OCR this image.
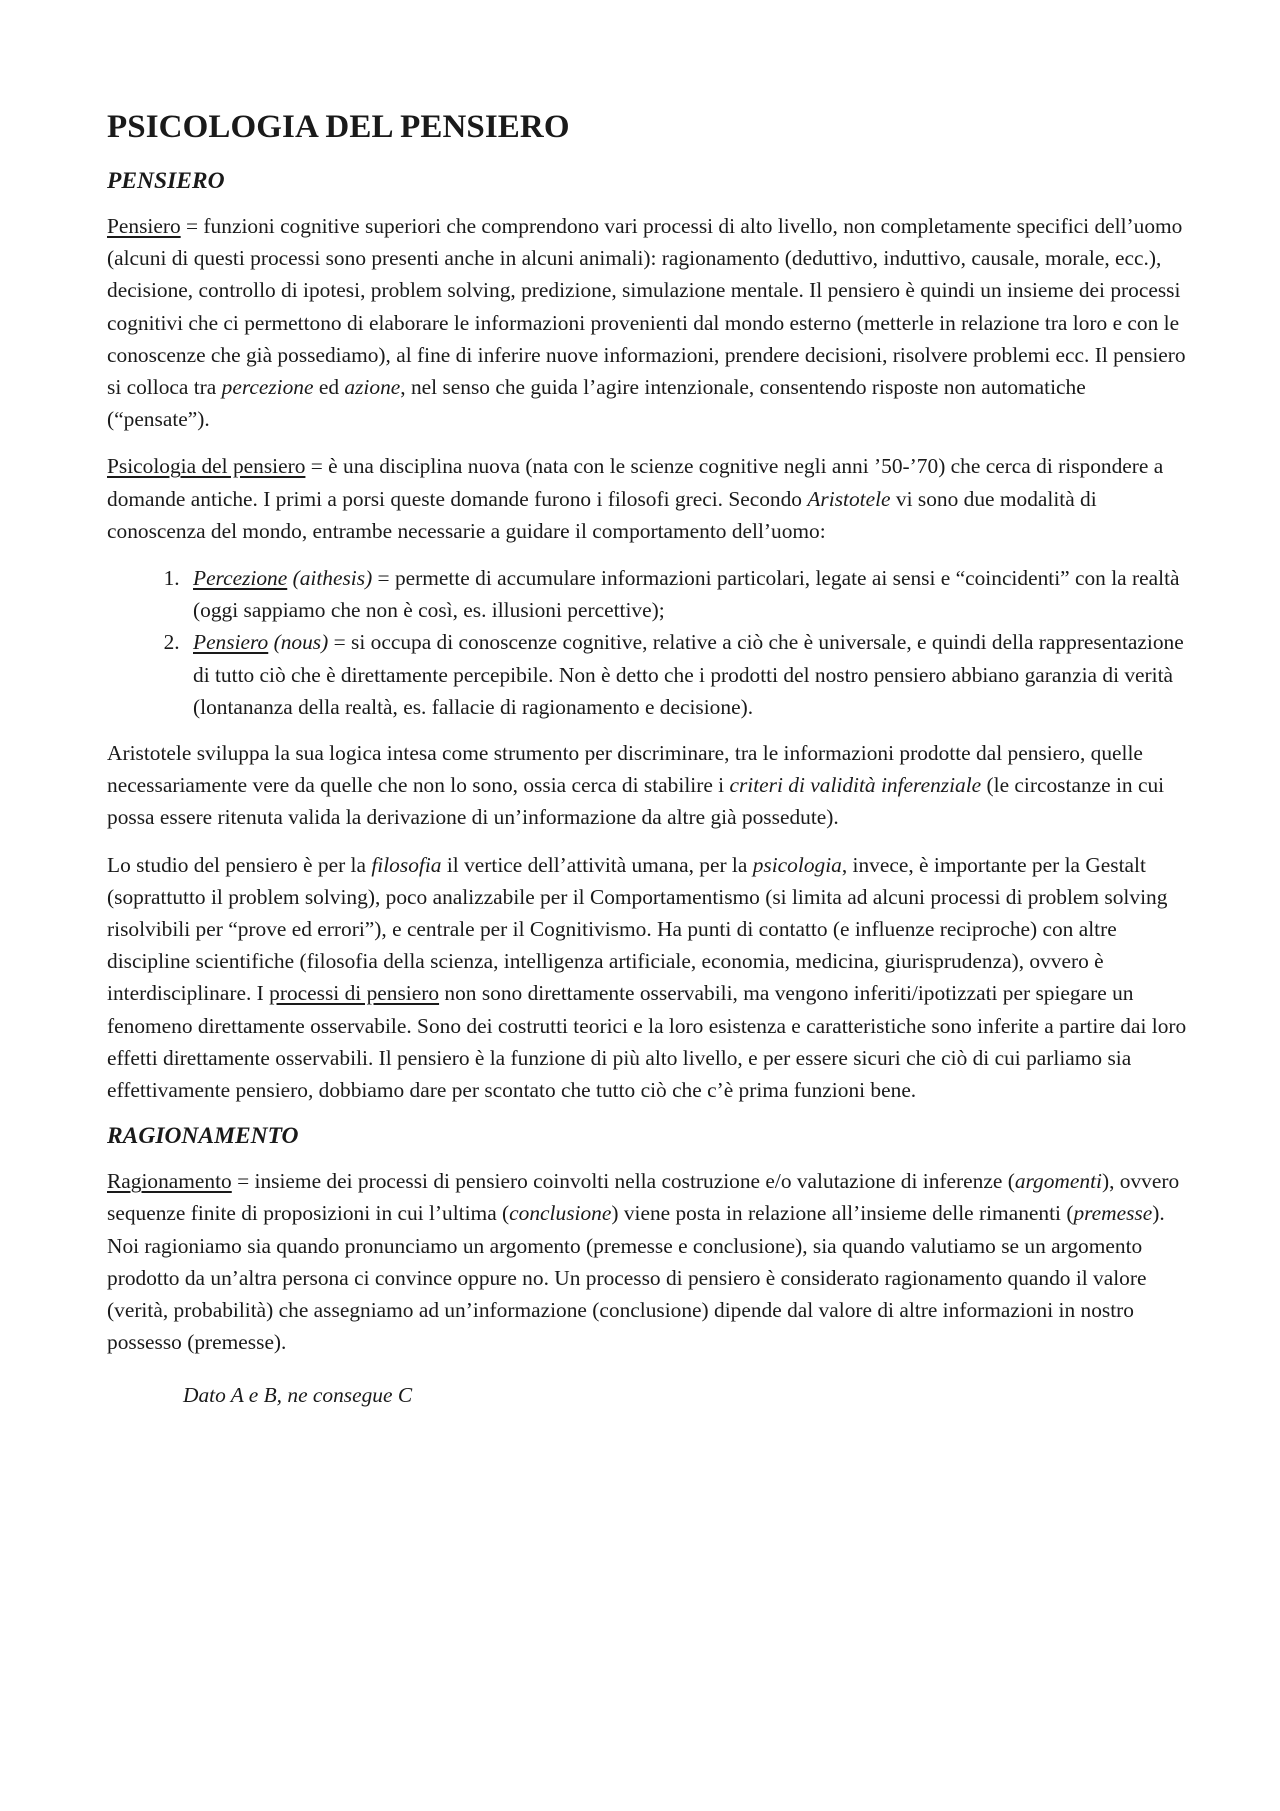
PSICOLOGIA DEL PENSIERO
PENSIERO

Pensiero = funzioni cognitive superiori che comprendono vari processi di alto livello, non completamente specifici dell’uomo (alcuni di questi processi sono presenti anche in alcuni animali): ragionamento (deduttivo, induttivo, causale, morale, ecc.), decisione, controllo di ipotesi, problem solving, predizione, simulazione mentale. Il pensiero è quindi un insieme dei processi cognitivi che ci permettono di elaborare le informazioni provenienti dal mondo esterno (metterle in relazione tra loro e con le conoscenze che già possediamo), al fine di inferire nuove informazioni, prendere decisioni, risolvere problemi ecc. Il pensiero si colloca tra percezione ed azione, nel senso che guida l’agire intenzionale, consentendo risposte non automatiche (“pensate”).

Psicologia del pensiero = è una disciplina nuova (nata con le scienze cognitive negli anni ’50-’70) che cerca di rispondere a domande antiche. I primi a porsi queste domande furono i filosofi greci. Secondo Aristotele vi sono due modalità di conoscenza del mondo, entrambe necessarie a guidare il comportamento dell’uomo:

1. Percezione (aithesis) = permette di accumulare informazioni particolari, legate ai sensi e “coincidenti” con la realtà (oggi sappiamo che non è così, es. illusioni percettive);
2. Pensiero (nous) = si occupa di conoscenze cognitive, relative a ciò che è universale, e quindi della rappresentazione di tutto ciò che è direttamente percepibile. Non è detto che i prodotti del nostro pensiero abbiano garanzia di verità (lontananza della realtà, es. fallacie di ragionamento e decisione).

Aristotele sviluppa la sua logica intesa come strumento per discriminare, tra le informazioni prodotte dal pensiero, quelle necessariamente vere da quelle che non lo sono, ossia cerca di stabilire i criteri di validità inferenziale (le circostanze in cui possa essere ritenuta valida la derivazione di un’informazione da altre già possedute).

Lo studio del pensiero è per la filosofia il vertice dell’attività umana, per la psicologia, invece, è importante per la Gestalt (soprattutto il problem solving), poco analizzabile per il Comportamentismo (si limita ad alcuni processi di problem solving risolvibili per “prove ed errori”), e centrale per il Cognitivismo. Ha punti di contatto (e influenze reciproche) con altre discipline scientifiche (filosofia della scienza, intelligenza artificiale, economia, medicina, giurisprudenza), ovvero è interdisciplinare. I processi di pensiero non sono direttamente osservabili, ma vengono inferiti/ipotizzati per spiegare un fenomeno direttamente osservabile. Sono dei costrutti teorici e la loro esistenza e caratteristiche sono inferite a partire dai loro effetti direttamente osservabili. Il pensiero è la funzione di più alto livello, e per essere sicuri che ciò di cui parliamo sia effettivamente pensiero, dobbiamo dare per scontato che tutto ciò che c’è prima funzioni bene.

RAGIONAMENTO

Ragionamento = insieme dei processi di pensiero coinvolti nella costruzione e/o valutazione di inferenze (argomenti), ovvero sequenze finite di proposizioni in cui l’ultima (conclusione) viene posta in relazione all’insieme delle rimanenti (premesse). Noi ragioniamo sia quando pronunciamo un argomento (premesse e conclusione), sia quando valutiamo se un argomento prodotto da un’altra persona ci convince oppure no. Un processo di pensiero è considerato ragionamento quando il valore (verità, probabilità) che assegniamo ad un’informazione (conclusione) dipende dal valore di altre informazioni in nostro possesso (premesse).

Dato A e B, ne consegue C
